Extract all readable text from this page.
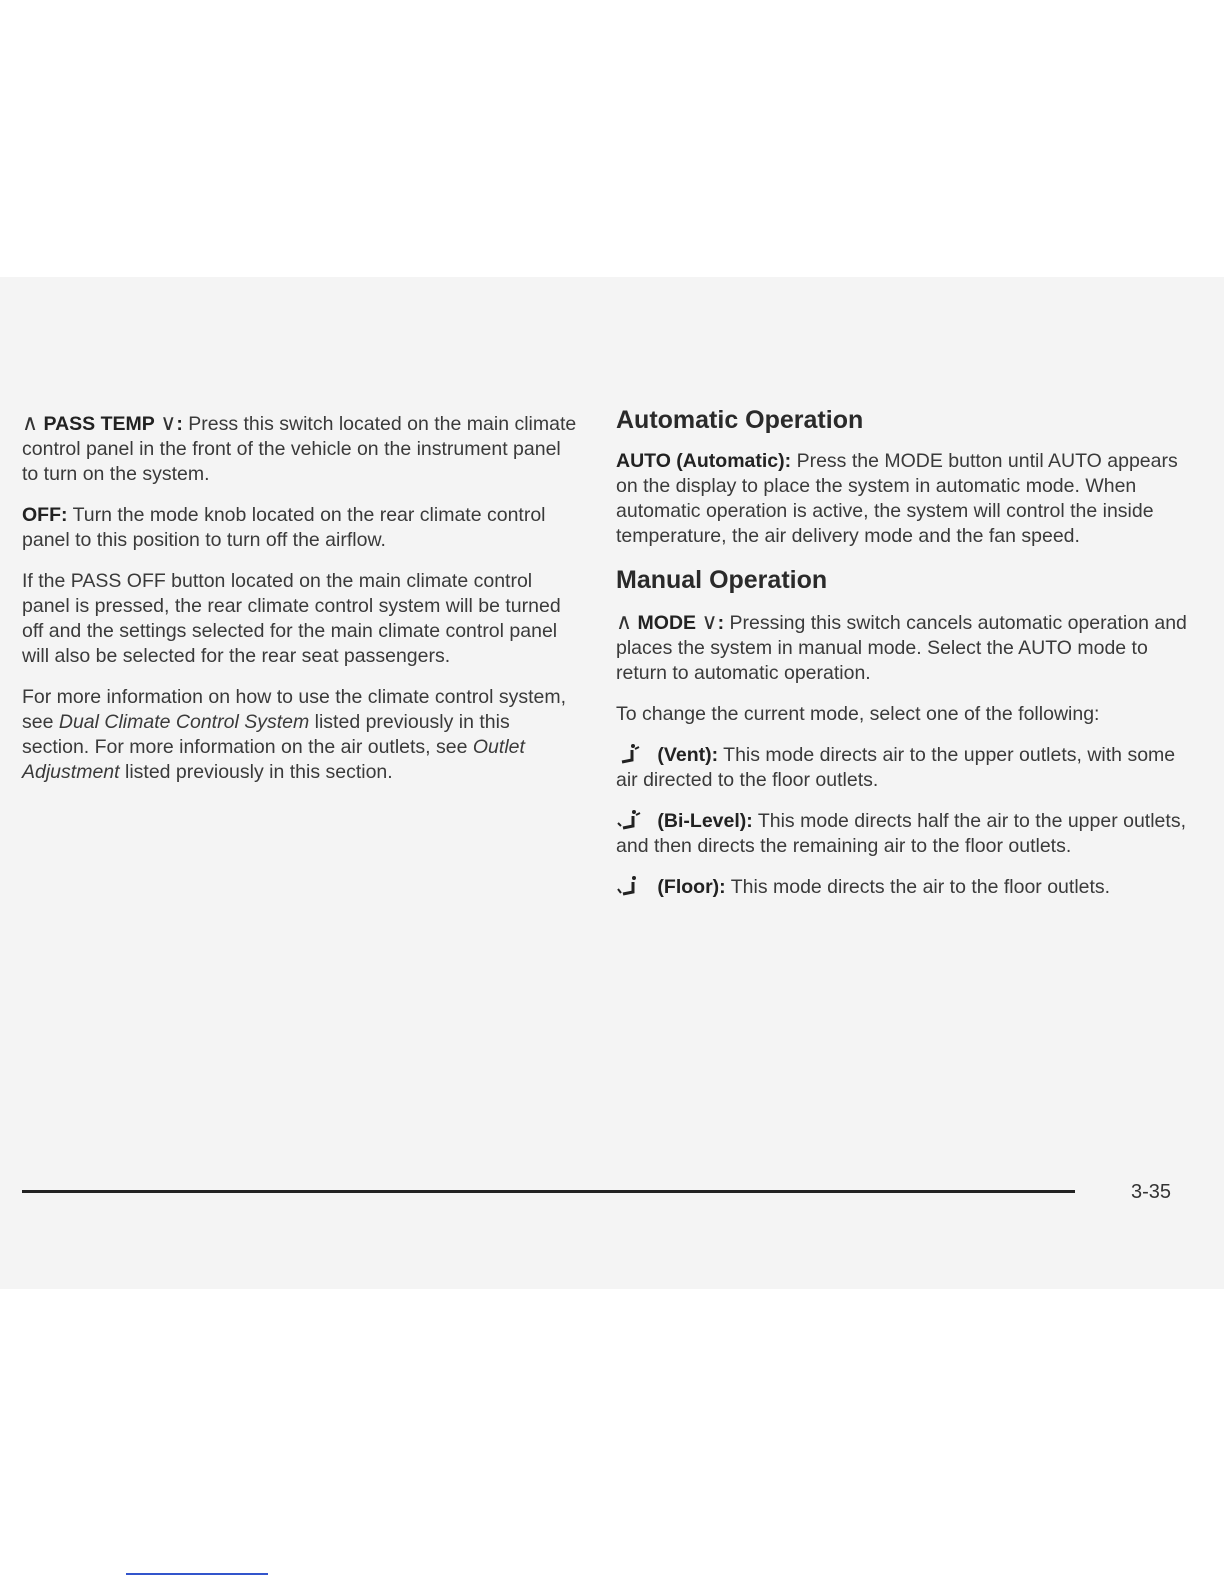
∧ PASS TEMP ∨: Press this switch located on the main climate control panel in the front of the vehicle on the instrument panel to turn on the system.

OFF: Turn the mode knob located on the rear climate control panel to this position to turn off the airflow.

If the PASS OFF button located on the main climate control panel is pressed, the rear climate control system will be turned off and the settings selected for the main climate control panel will also be selected for the rear seat passengers.

For more information on how to use the climate control system, see Dual Climate Control System listed previously in this section. For more information on the air outlets, see Outlet Adjustment listed previously in this section.

Automatic Operation

AUTO (Automatic): Press the MODE button until AUTO appears on the display to place the system in automatic mode. When automatic operation is active, the system will control the inside temperature, the air delivery mode and the fan speed.

Manual Operation

∧ MODE ∨: Pressing this switch cancels automatic operation and places the system in manual mode. Select the AUTO mode to return to automatic operation.

To change the current mode, select one of the following:

(Vent): This mode directs air to the upper outlets, with some air directed to the floor outlets.

(Bi-Level): This mode directs half the air to the upper outlets, and then directs the remaining air to the floor outlets.

(Floor): This mode directs the air to the floor outlets.

3-35
